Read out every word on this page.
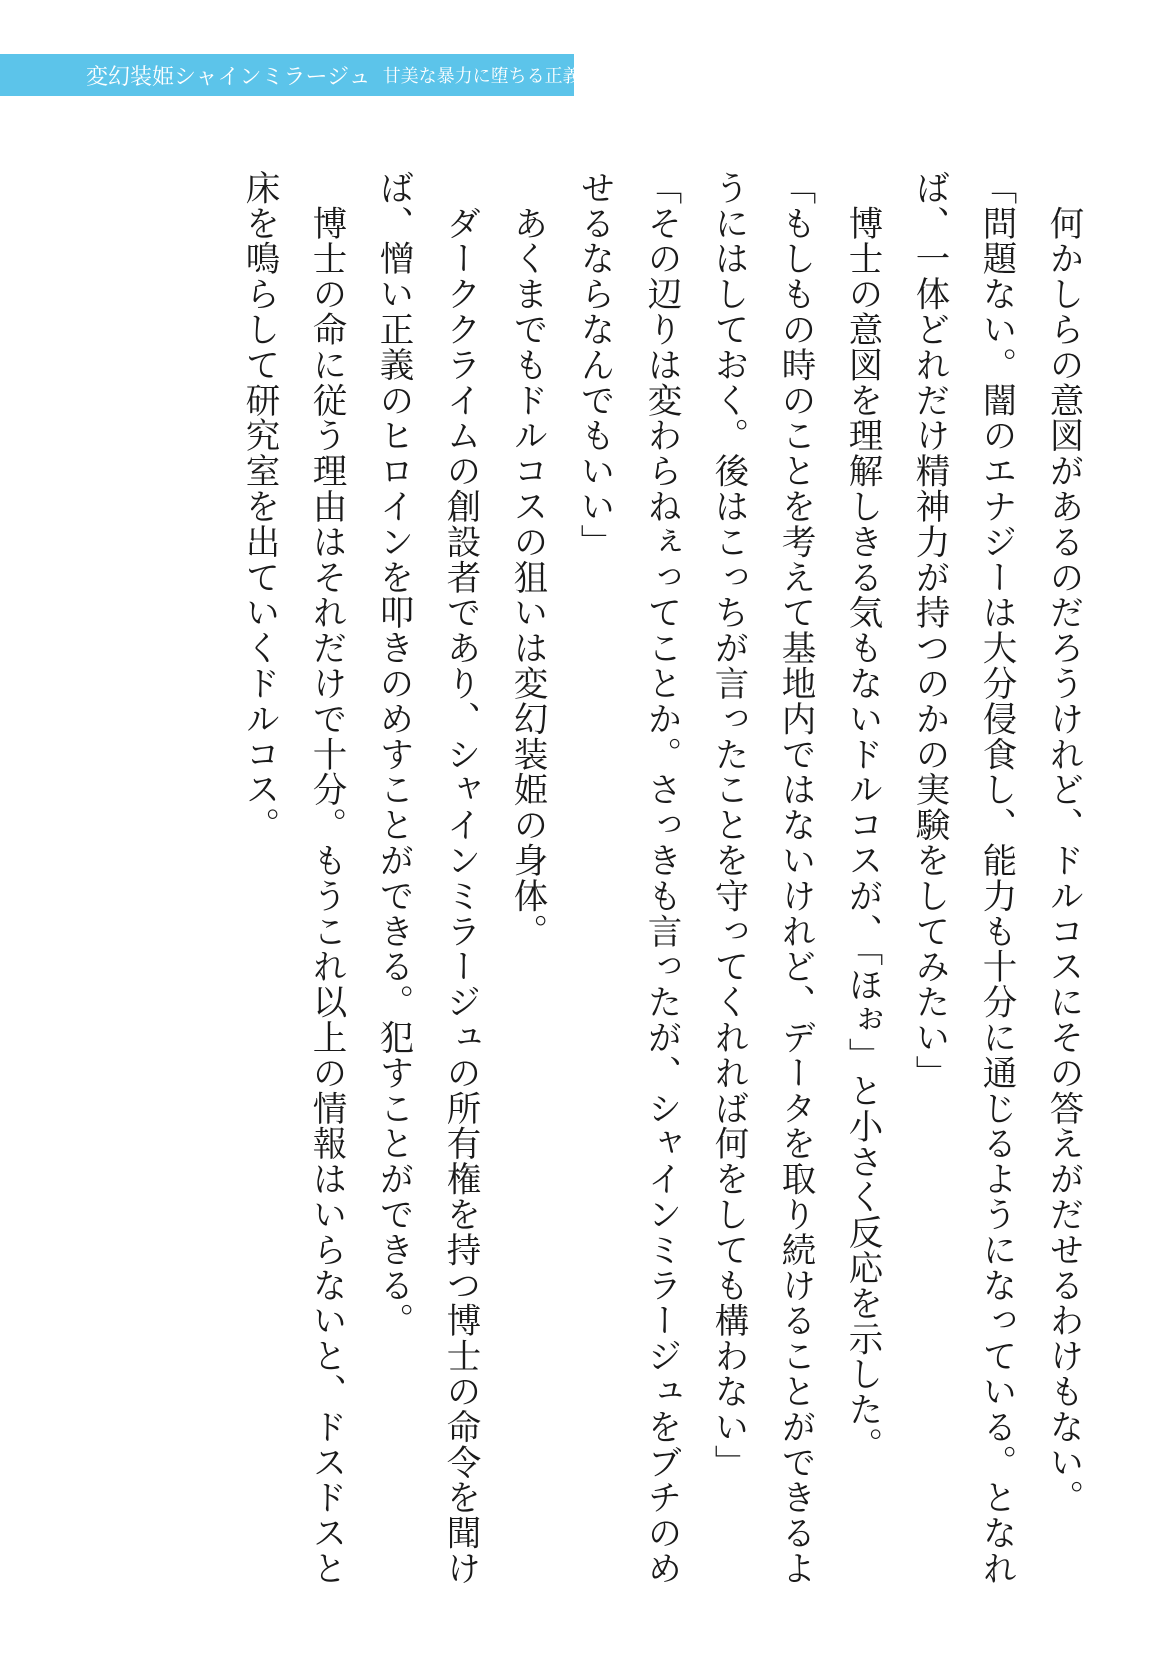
変幻装姫シャインミラージュ 甘美な暴力に堕ちる正義

　何かしらの意図があるのだろうけれど、ドルコスにその答えがだせるわけもない。

「問題ない。闇のエナジーは大分侵食し、能力も十分に通じるようになっている。となれば、一体どれだけ精神力が持つのかの実験をしてみたい」

　博士の意図を理解しきる気もないドルコスが、「ほぉ」と小さく反応を示した。

「もしもの時のことを考えて基地内ではないけれど、データを取り続けることができるようにはしておく。後はこっちが言ったことを守ってくれれば何をしても構わない」

「その辺りは変わらねぇってことか。さっきも言ったが、シャインミラージュをブチのめせるならなんでもいい」

　あくまでもドルコスの狙いは変幻装姫の身体。

　ダーククライムの創設者であり、シャインミラージュの所有権を持つ博士の命令を聞けば、憎い正義のヒロインを叩きのめすことができる。犯すことができる。

　博士の命に従う理由はそれだけで十分。もうこれ以上の情報はいらないと、ドスドスと床を鳴らして研究室を出ていくドルコス。
